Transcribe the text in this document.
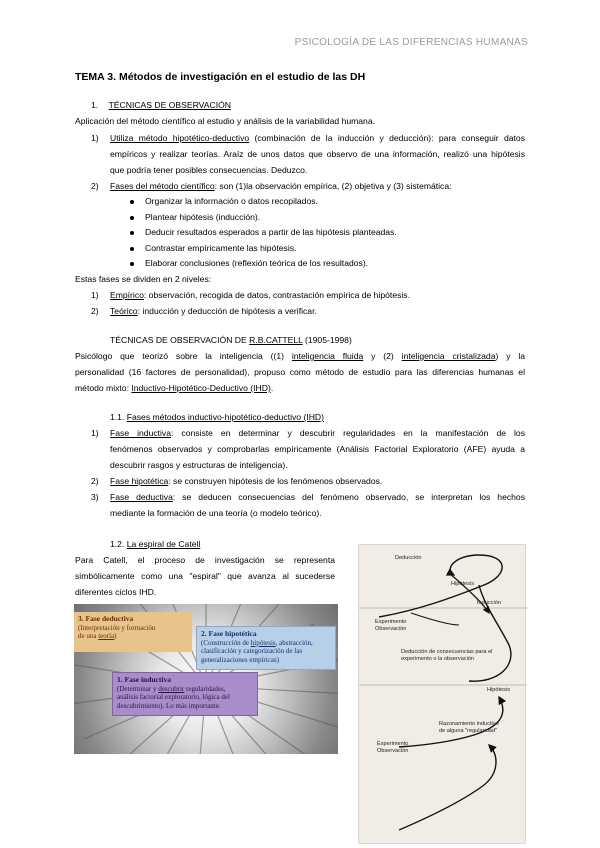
PSICOLOGÍA DE LAS DIFERENCIAS HUMANAS
TEMA 3. Métodos de investigación en el estudio de las DH
1. TÉCNICAS DE OBSERVACIÓN
Aplicación del método científico al estudio y análisis de la variabilidad humana.
1) Utiliza método hipotético-deductivo (combinación de la inducción y deducción): para conseguir datos
empíricos y realizar teorías. Araíz de unos datos que observo de una información, realizó una hipótesis
que podría tener posibles consecuencias. Deduzco.
2) Fases del método científico: son (1)la observación empírica, (2) objetiva y (3) sistemática:
Organizar la información o datos recopilados.
Plantear hipótesis (inducción).
Deducir resultados esperados a partir de las hipótesis planteadas.
Contrastar empíricamente las hipótesis.
Elaborar conclusiones (reflexión teórica de los resultados).
Estas fases se dividen en 2 niveles:
1) Empírico: observación, recogida de datos, contrastación empírica de hipótesis.
2) Teórico: inducción y deducción de hipótesis a verificar.
TÉCNICAS DE OBSERVACIÓN DE R.B.CATTELL (1905-1998)
Psicólogo que teorizó sobre la inteligencia ((1) inteligencia fluida y (2) inteligencia cristalizada) y la
personalidad (16 factores de personalidad), propuso como método de estudio para las diferencias humanas el
método mixto: Inductivo-Hipotético-Deductivo (IHD).
1.1. Fases métodos inductivo-hipotético-deductivo (IHD)
1) Fase inductiva: consiste en determinar y descubrir regularidades en la manifestación de los
fenómenos observados y comprobarlas empíricamente (Análisis Factorial Exploratorio (AFE) ayuda a
descubrir rasgos y estructuras de inteligencia).
2) Fase hipotética: se construyen hipótesis de los fenómenos observados.
3) Fase deductiva: se deducen consecuencias del fenómeno observado, se interpretan los hechos
mediante la formación de una teoría (o modelo teórico).
1.2. La espiral de Catell
Para Catell, el proceso de investigación se representa
simbólicamente como una "espiral" que avanza al sucederse
diferentes ciclos IHD.
3. Fase deductiva
(Interpretación y formación
de una teoría)	2. Fase hipotética
(Construcción de hipótesis, abstracción,
clasificación y categorización de las
generalizaciones empíricas)
1. Fase inductiva
(Determinar y descubrir regularidades,
análisis factorial exploratorio, lógica del
descubrimiento). Lo más importante.
Deducción
Hipótesis
Inducción
Experimento
Observación
Deducción de consecuencias para el
experimento o la observación
Hipótesis
Razonamiento inductivo
de alguna "regularidad"
Experimento
Observación
